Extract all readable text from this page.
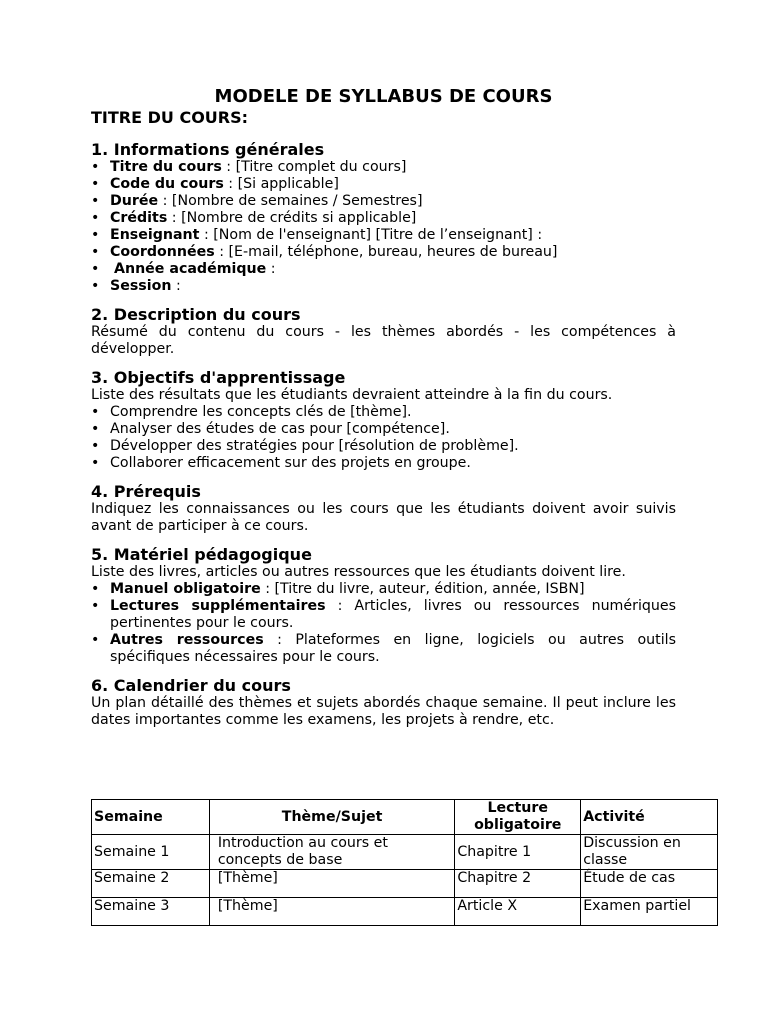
MODELE DE SYLLABUS DE COURS
TITRE DU COURS:
1. Informations générales
• Titre du cours : [Titre complet du cours]
• Code du cours : [Si applicable]
• Durée : [Nombre de semaines / Semestres]
• Crédits : [Nombre de crédits si applicable]
• Enseignant : [Nom de l'enseignant] [Titre de l’enseignant] :
• Coordonnées : [E-mail, téléphone, bureau, heures de bureau]
• Année académique :
• Session :
2. Description du cours

Résumé du contenu du cours - les thèmes abordés - les compétences à développer.

3. Objectifs d'apprentissage

Liste des résultats que les étudiants devraient atteindre à la fin du cours.

• Comprendre les concepts clés de [thème].
• Analyser des études de cas pour [compétence].
• Développer des stratégies pour [résolution de problème].
• Collaborer efficacement sur des projets en groupe.
4. Prérequis

Indiquez les connaissances ou les cours que les étudiants doivent avoir suivis avant de participer à ce cours.

5. Matériel pédagogique

Liste des livres, articles ou autres ressources que les étudiants doivent lire.

• Manuel obligatoire : [Titre du livre, auteur, édition, année, ISBN]
• Lectures supplémentaires : Articles, livres ou ressources numériques pertinentes pour le cours.
• Autres ressources : Plateformes en ligne, logiciels ou autres outils spécifiques nécessaires pour le cours.
6. Calendrier du cours

Un plan détaillé des thèmes et sujets abordés chaque semaine. Il peut inclure les dates importantes comme les examens, les projets à rendre, etc.

Semaine	Thème/Sujet	Lecture obligatoire	Activité
Semaine 1	Introduction au cours et concepts de base	Chapitre 1	Discussion en classe
Semaine 2	[Thème]	Chapitre 2	Étude de cas
Semaine 3	[Thème]	Article X	Examen partiel
